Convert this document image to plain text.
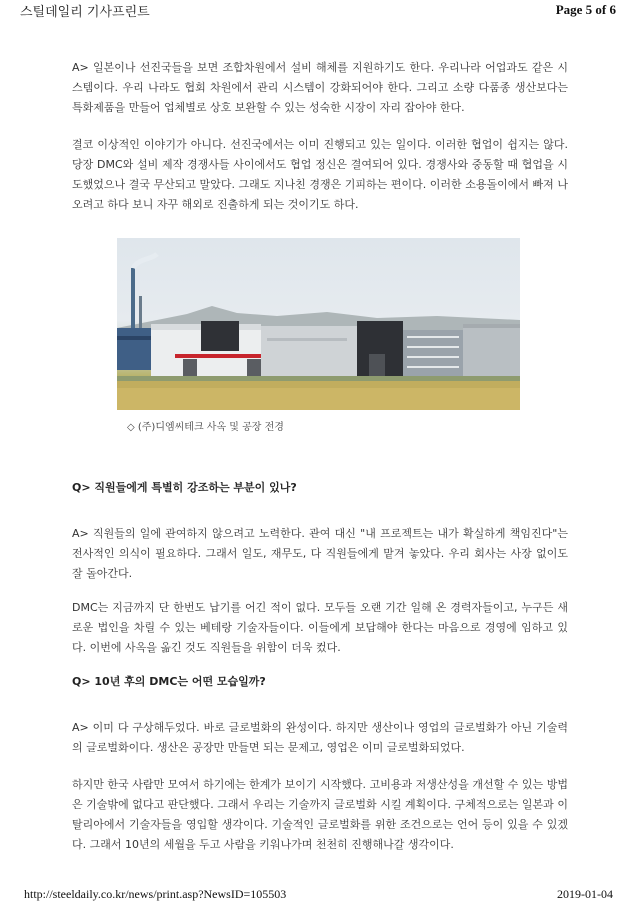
스틸데일리 기사프린트	Page 5 of 6

A> 일본이나 선진국들을 보면 조합차원에서 설비 해체를 지원하기도 한다. 우리나라 어업과도 같은 시스템이다. 우리 나라도 협회 차원에서 관리 시스템이 강화되어야 한다. 그리고 소량 다품종 생산보다는 특화제품을 만들어 업체별로 상호 보완할 수 있는 성숙한 시장이 자리 잡아야 한다.

결코 이상적인 이야기가 아니다. 선진국에서는 이미 진행되고 있는 일이다. 이러한 협업이 쉽지는 않다. 당장 DMC와 설비 제작 경쟁사들 사이에서도 협업 정신은 결여되어 있다. 경쟁사와 중동할 때 협업을 시도했었으나 결국 무산되고 말았다. 그래도 지나친 경쟁은 기피하는 편이다. 이러한 소용돌이에서 빠져 나오려고 하다 보니 자꾸 해외로 진출하게 되는 것이기도 하다.

◇ (주)디엠씨테크 사옥 및 공장 전경

Q> 직원들에게 특별히 강조하는 부분이 있나?

A> 직원들의 일에 관여하지 않으려고 노력한다. 관여 대신 "내 프로젝트는 내가 확실하게 책임진다"는 전사적인 의식이 필요하다. 그래서 일도, 재무도, 다 직원들에게 맡겨 놓았다. 우리 회사는 사장 없이도 잘 돌아간다.

DMC는 지금까지 단 한번도 납기를 어긴 적이 없다. 모두들 오랜 기간 일해 온 경력자들이고, 누구든 새로운 법인을 차릴 수 있는 베테랑 기술자들이다. 이들에게 보답해야 한다는 마음으로 경영에 임하고 있다. 이번에 사옥을 옮긴 것도 직원들을 위함이 더욱 컸다.

Q> 10년 후의 DMC는 어떤 모습일까?

A> 이미 다 구상해두었다. 바로 글로벌화의 완성이다. 하지만 생산이나 영업의 글로벌화가 아닌 기술력의 글로벌화이다. 생산은 공장만 만들면 되는 문제고, 영업은 이미 글로벌화되었다.

하지만 한국 사람만 모여서 하기에는 한계가 보이기 시작했다. 고비용과 저생산성을 개선할 수 있는 방법은 기술밖에 없다고 판단했다. 그래서 우리는 기술까지 글로벌화 시킬 계획이다. 구체적으로는 일본과 이탈리아에서 기술자들을 영입할 생각이다. 기술적인 글로벌화를 위한 조건으로는 언어 등이 있을 수 있겠다. 그래서 10년의 세월을 두고 사람을 키워나가며 천천히 진행해나갈 생각이다.

http://steeldaily.co.kr/news/print.asp?NewsID=105503	2019-01-04
